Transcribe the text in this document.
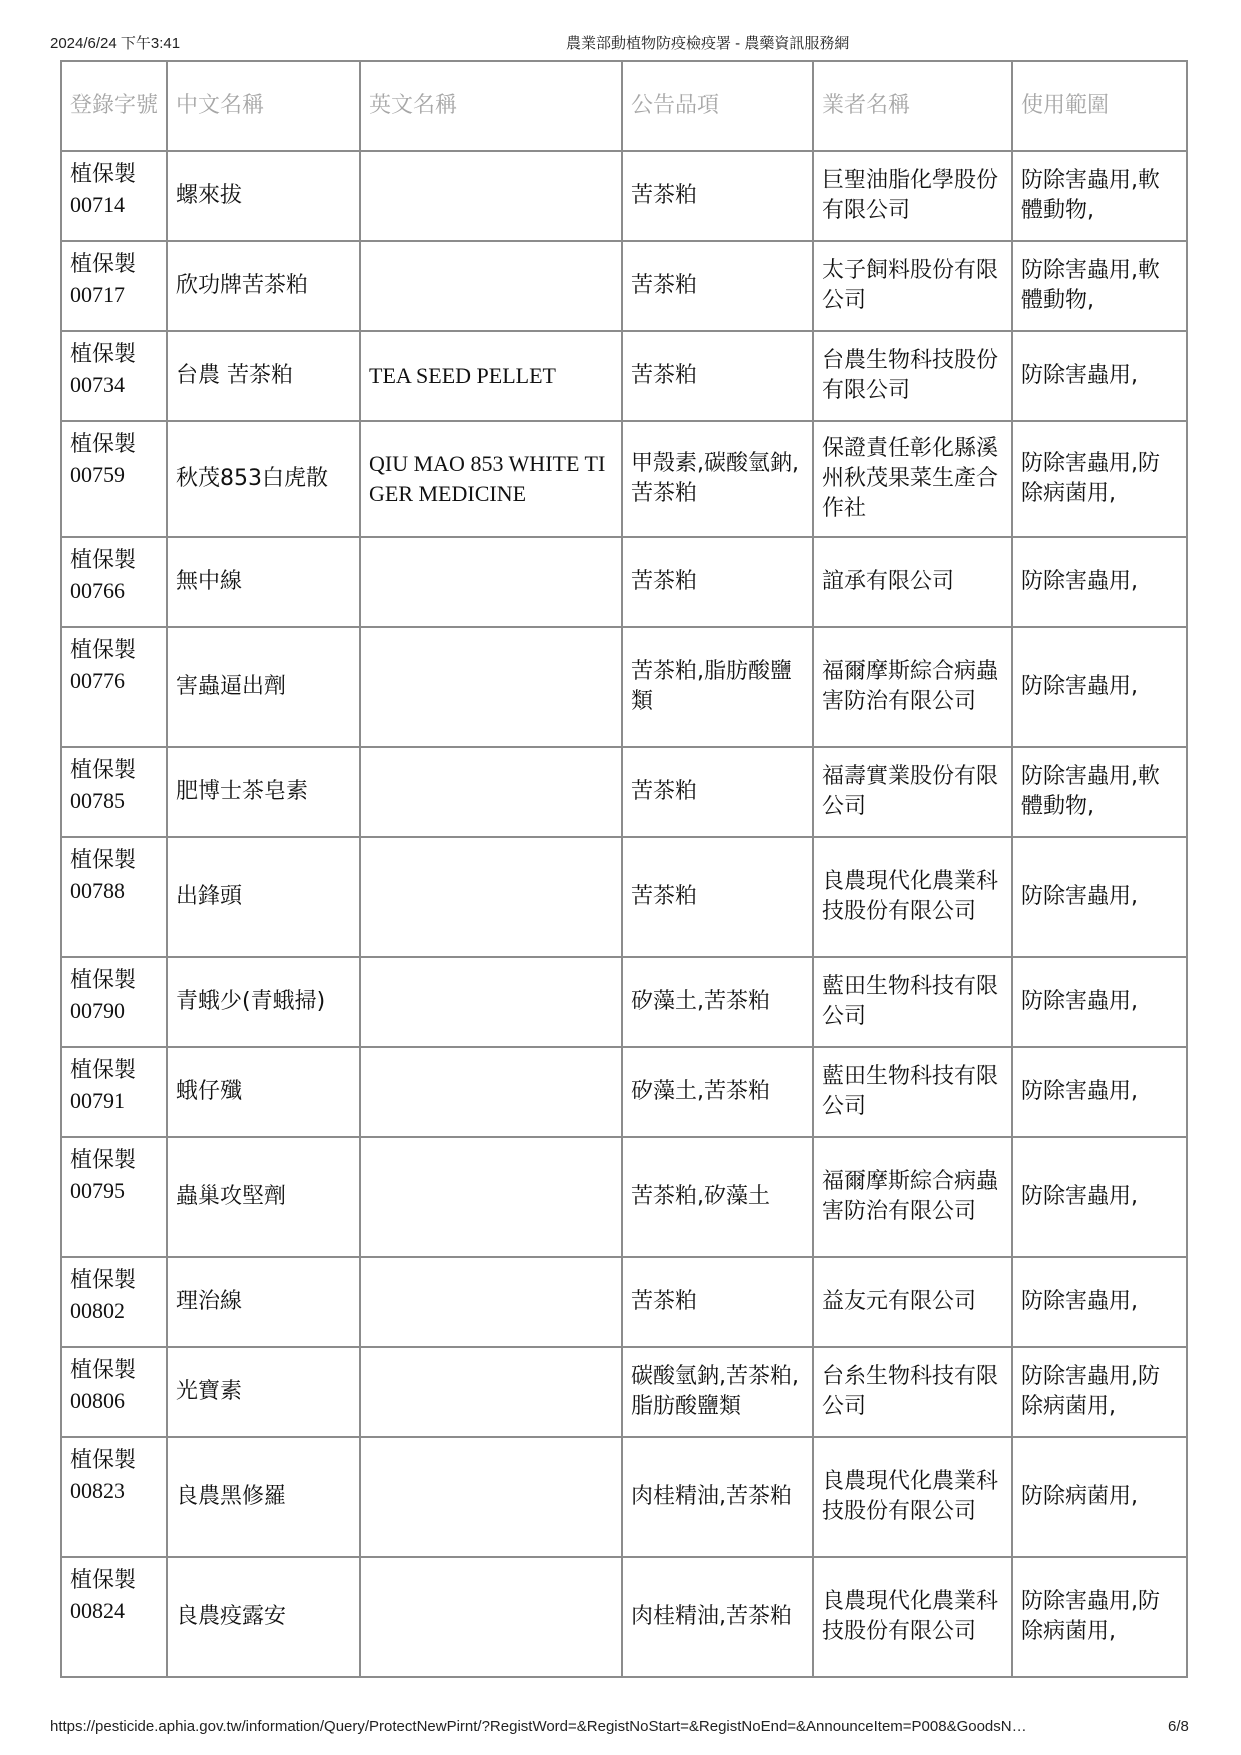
2024/6/24 下午3:41	農業部動植物防疫檢疫署 - 農藥資訊服務網
登錄字號	中文名稱	英文名稱	公告品項	業者名稱	使用範圍

植保製
00714	螺來拔		苦茶粕	巨聖油脂化學股份有限公司	防除害蟲用,軟體動物,

植保製
00717	欣功牌苦茶粕		苦茶粕	太子飼料股份有限公司	防除害蟲用,軟體動物,

植保製
00734	台農 苦茶粕	TEA SEED PELLET	苦茶粕	台農生物科技股份有限公司	防除害蟲用,

植保製
00759	秋茂853白虎散	QIU MAO 853 WHITE TIGER MEDICINE	甲殼素,碳酸氫鈉,苦茶粕	保證責任彰化縣溪州秋茂果菜生產合作社	防除害蟲用,防除病菌用,

植保製
00766	無中線		苦茶粕	誼承有限公司	防除害蟲用,

植保製
00776	害蟲逼出劑		苦茶粕,脂肪酸鹽類	福爾摩斯綜合病蟲害防治有限公司	防除害蟲用,

植保製
00785	肥博士茶皂素		苦茶粕	福壽實業股份有限公司	防除害蟲用,軟體動物,

植保製
00788	出鋒頭		苦茶粕	良農現代化農業科技股份有限公司	防除害蟲用,

植保製
00790	青蛾少(青蛾掃)		矽藻土,苦茶粕	藍田生物科技有限公司	防除害蟲用,

植保製
00791	蛾仔殲		矽藻土,苦茶粕	藍田生物科技有限公司	防除害蟲用,

植保製
00795	蟲巢攻堅劑		苦茶粕,矽藻土	福爾摩斯綜合病蟲害防治有限公司	防除害蟲用,

植保製
00802	理治線		苦茶粕	益友元有限公司	防除害蟲用,

植保製
00806	光寶素		碳酸氫鈉,苦茶粕,脂肪酸鹽類	台糸生物科技有限公司	防除害蟲用,防除病菌用,

植保製
00823	良農黑修羅		肉桂精油,苦茶粕	良農現代化農業科技股份有限公司	防除病菌用,

植保製
00824	良農疫露安		肉桂精油,苦茶粕	良農現代化農業科技股份有限公司	防除害蟲用,防除病菌用,
https://pesticide.aphia.gov.tw/information/Query/ProtectNewPirnt/?RegistWord=&RegistNoStart=&RegistNoEnd=&AnnounceItem=P008&GoodsN…	6/8
